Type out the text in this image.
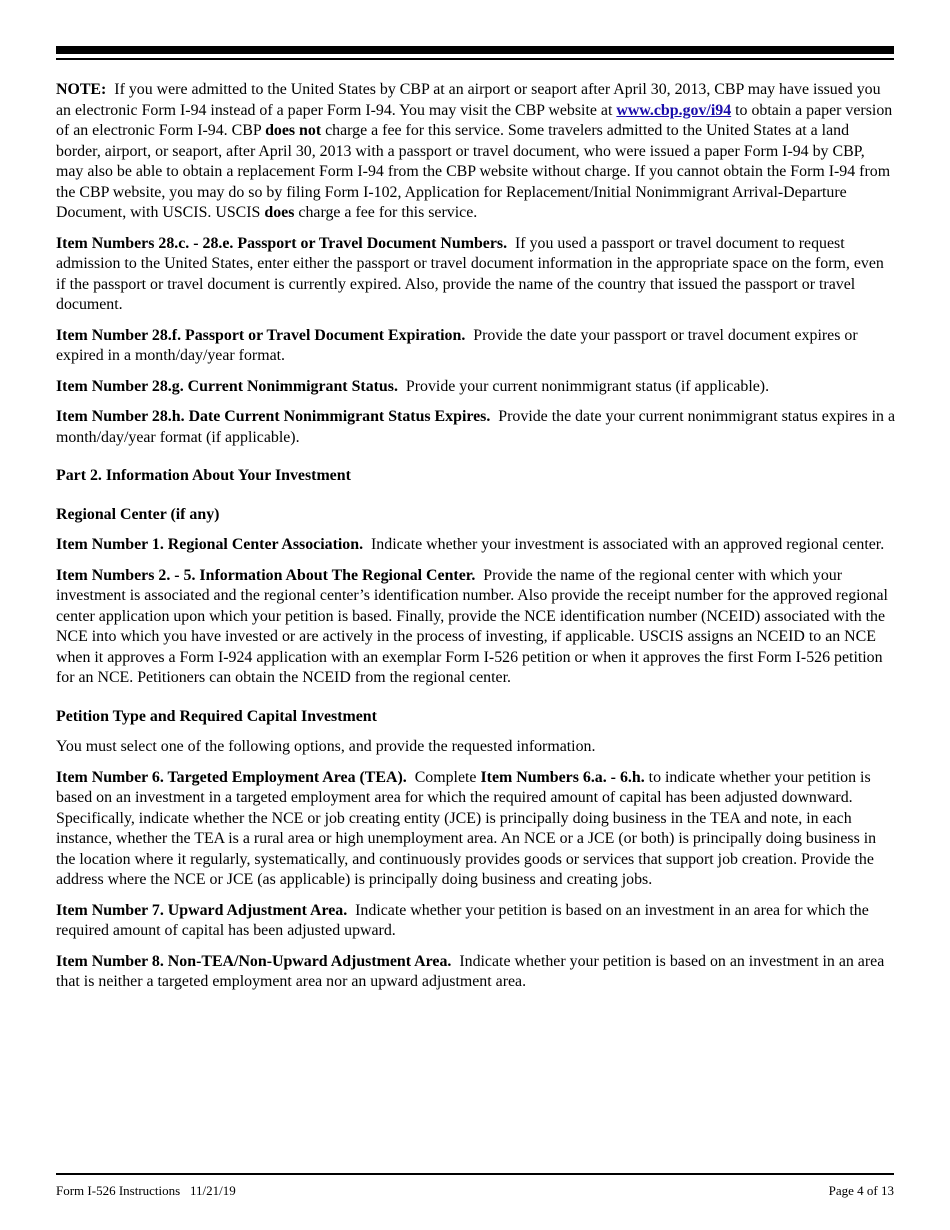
NOTE: If you were admitted to the United States by CBP at an airport or seaport after April 30, 2013, CBP may have issued you an electronic Form I-94 instead of a paper Form I-94. You may visit the CBP website at www.cbp.gov/i94 to obtain a paper version of an electronic Form I-94. CBP does not charge a fee for this service. Some travelers admitted to the United States at a land border, airport, or seaport, after April 30, 2013 with a passport or travel document, who were issued a paper Form I-94 by CBP, may also be able to obtain a replacement Form I-94 from the CBP website without charge. If you cannot obtain the Form I-94 from the CBP website, you may do so by filing Form I-102, Application for Replacement/Initial Nonimmigrant Arrival-Departure Document, with USCIS. USCIS does charge a fee for this service.

Item Numbers 28.c. - 28.e. Passport or Travel Document Numbers. If you used a passport or travel document to request admission to the United States, enter either the passport or travel document information in the appropriate space on the form, even if the passport or travel document is currently expired. Also, provide the name of the country that issued the passport or travel document.

Item Number 28.f. Passport or Travel Document Expiration. Provide the date your passport or travel document expires or expired in a month/day/year format.

Item Number 28.g. Current Nonimmigrant Status. Provide your current nonimmigrant status (if applicable).

Item Number 28.h. Date Current Nonimmigrant Status Expires. Provide the date your current nonimmigrant status expires in a month/day/year format (if applicable).

Part 2. Information About Your Investment

Regional Center (if any)

Item Number 1. Regional Center Association. Indicate whether your investment is associated with an approved regional center.

Item Numbers 2. - 5. Information About The Regional Center. Provide the name of the regional center with which your investment is associated and the regional center’s identification number. Also provide the receipt number for the approved regional center application upon which your petition is based. Finally, provide the NCE identification number (NCEID) associated with the NCE into which you have invested or are actively in the process of investing, if applicable. USCIS assigns an NCEID to an NCE when it approves a Form I-924 application with an exemplar Form I-526 petition or when it approves the first Form I-526 petition for an NCE. Petitioners can obtain the NCEID from the regional center.

Petition Type and Required Capital Investment

You must select one of the following options, and provide the requested information.

Item Number 6. Targeted Employment Area (TEA). Complete Item Numbers 6.a. - 6.h. to indicate whether your petition is based on an investment in a targeted employment area for which the required amount of capital has been adjusted downward. Specifically, indicate whether the NCE or job creating entity (JCE) is principally doing business in the TEA and note, in each instance, whether the TEA is a rural area or high unemployment area. An NCE or a JCE (or both) is principally doing business in the location where it regularly, systematically, and continuously provides goods or services that support job creation. Provide the address where the NCE or JCE (as applicable) is principally doing business and creating jobs.

Item Number 7. Upward Adjustment Area. Indicate whether your petition is based on an investment in an area for which the required amount of capital has been adjusted upward.

Item Number 8. Non-TEA/Non-Upward Adjustment Area. Indicate whether your petition is based on an investment in an area that is neither a targeted employment area nor an upward adjustment area.

Form I-526 Instructions   11/21/19	Page 4 of 13
